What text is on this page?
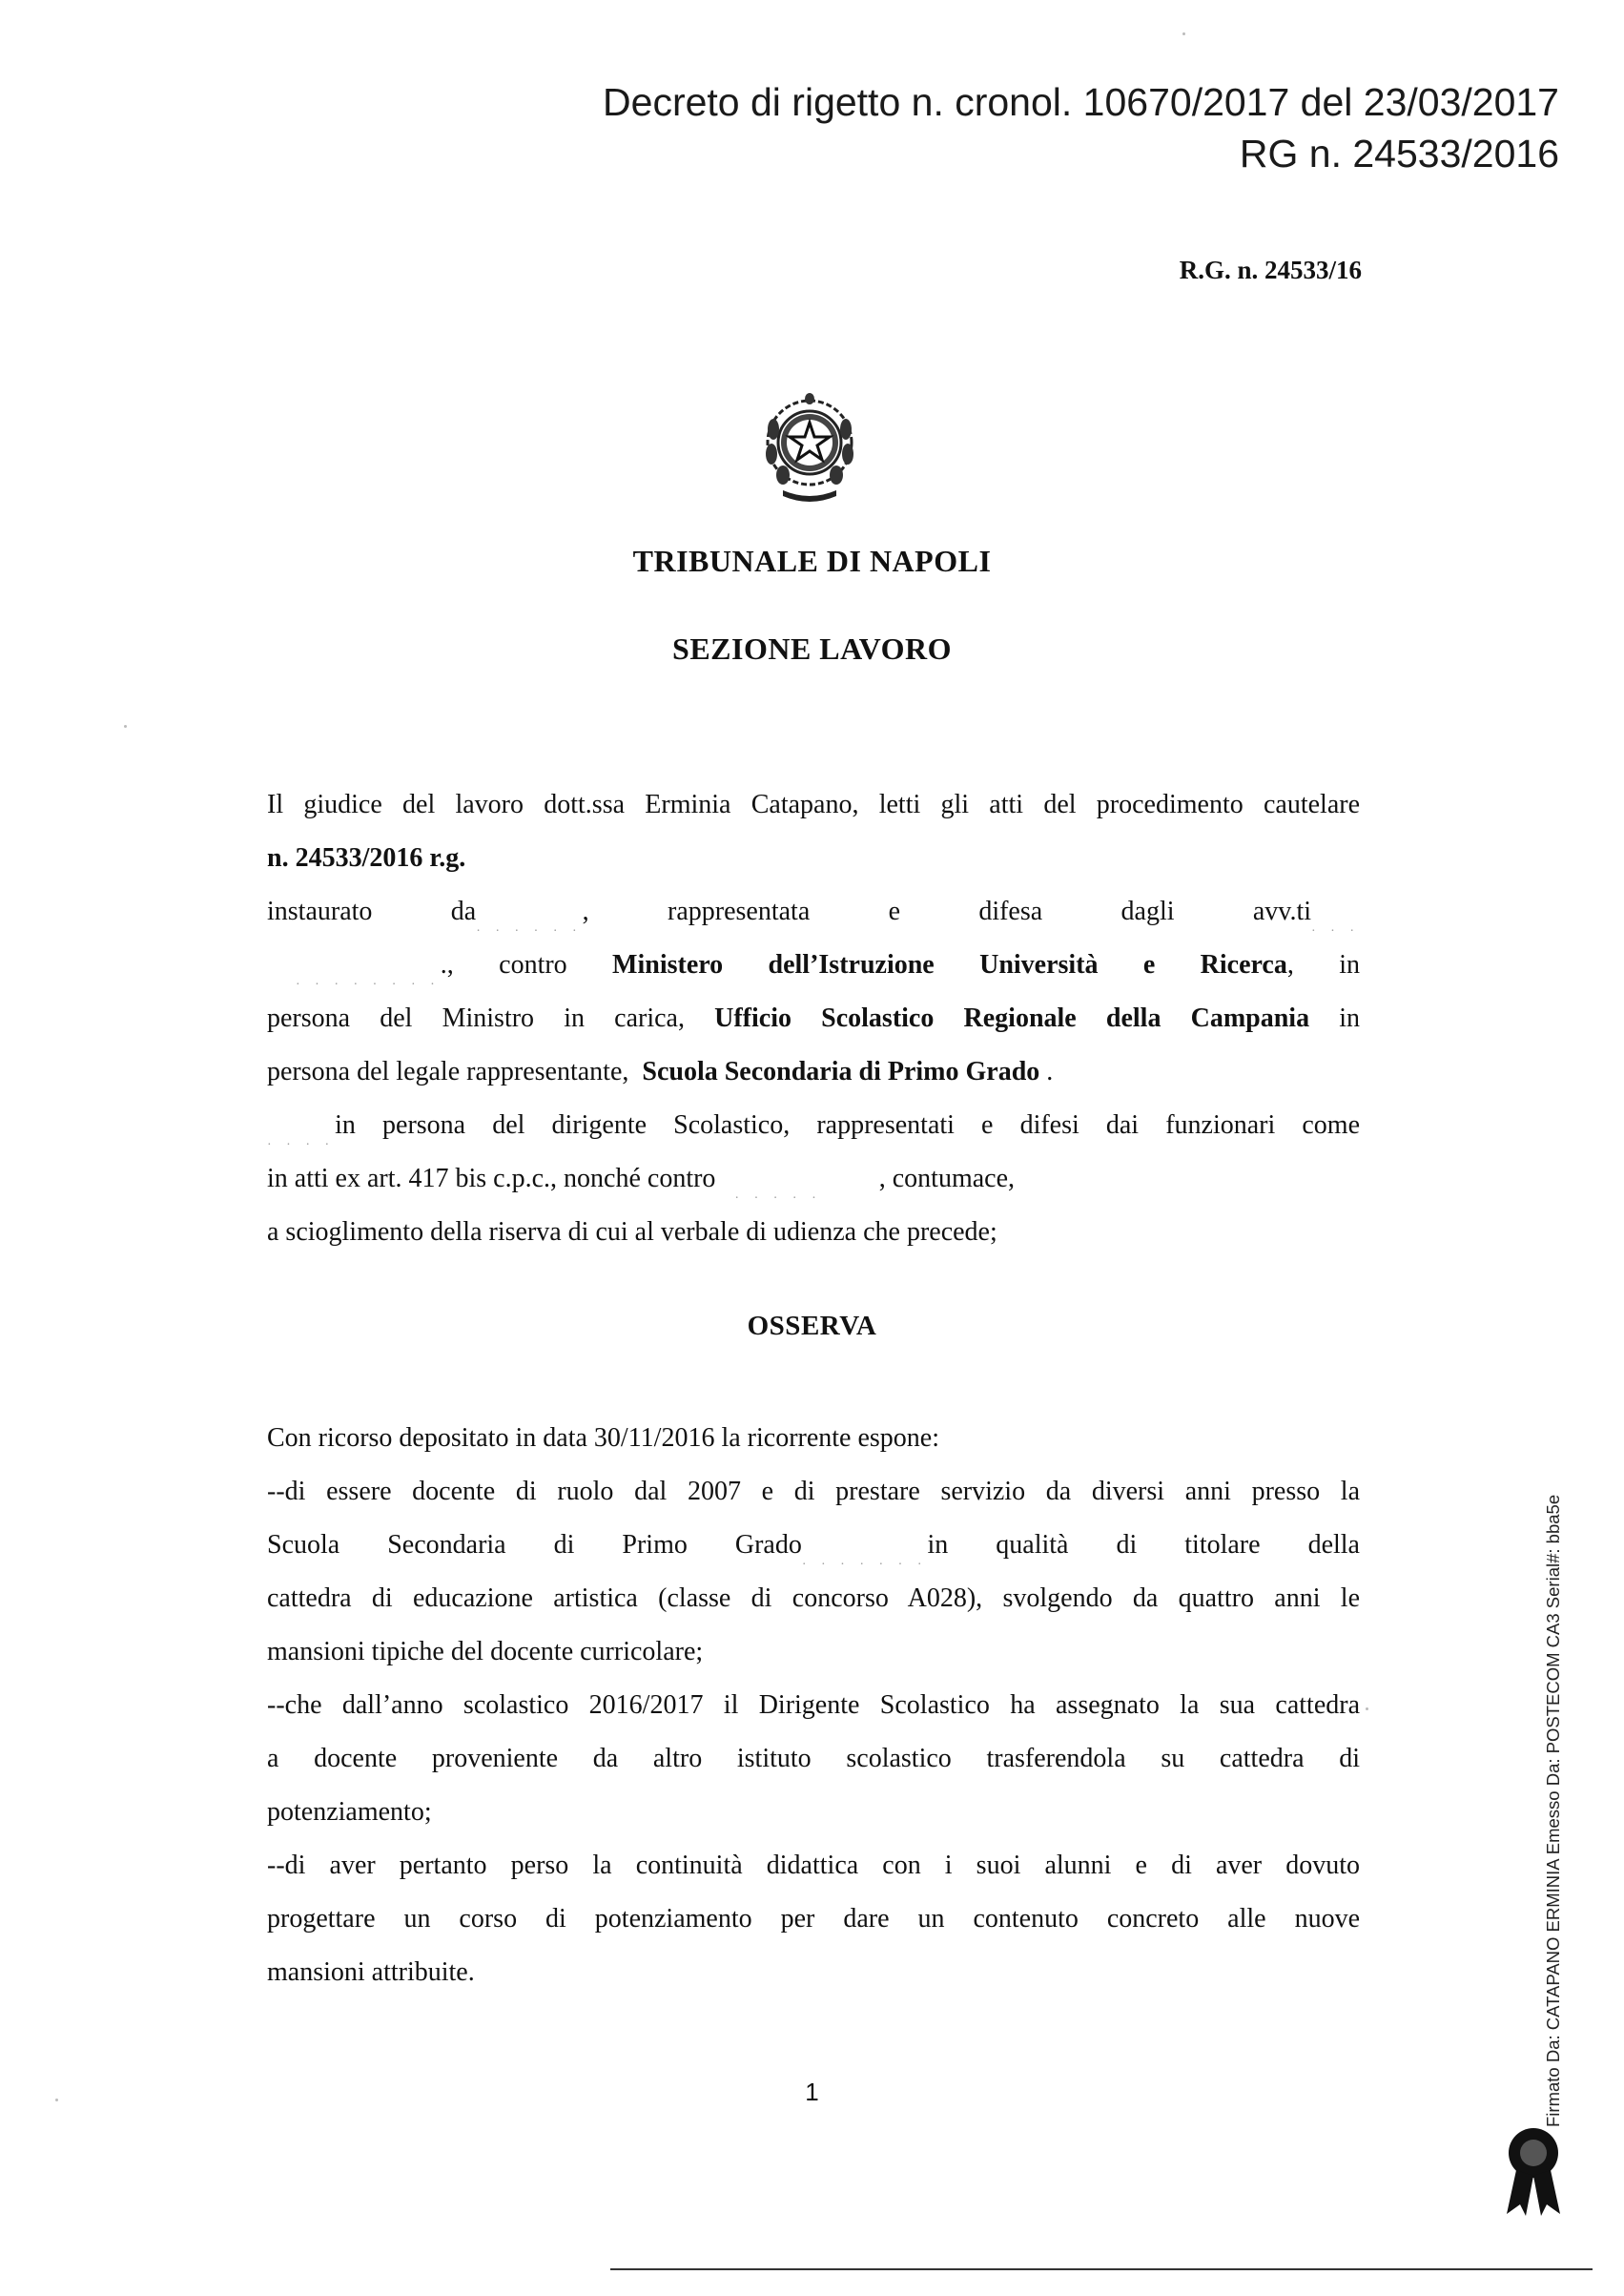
Decreto di rigetto n. cronol. 10670/2017 del 23/03/2017
RG n. 24533/2016
R.G. n. 24533/16
TRIBUNALE DI NAPOLI
SEZIONE LAVORO
Il giudice del lavoro dott.ssa Erminia Catapano, letti gli atti del procedimento cautelare
n. 24533/2016 r.g.
instaurato da· · · · · ·, rappresentata e difesa dagli avv.ti· · ·
· · · · · · · ·., contro Ministero dell’Istruzione Università e Ricerca, in
persona del Ministro in carica, Ufficio Scolastico Regionale della Campania in
persona del legale rappresentante, Scuola Secondaria di Primo Grado .
· · · ·in persona del dirigente Scolastico, rappresentati e difesi dai funzionari come
in atti ex art. 417 bis c.p.c., nonché contro· · · · ·, contumace,
a scioglimento della riserva di cui al verbale di udienza che precede;
OSSERVA
Con ricorso depositato in data 30/11/2016 la ricorrente espone:
--di essere docente di ruolo dal 2007 e di prestare servizio da diversi anni presso la
Scuola Secondaria di Primo Grado· · · · · · ·in qualità di titolare della
cattedra di educazione artistica (classe di concorso A028), svolgendo da quattro anni le
mansioni tipiche del docente curricolare;
--che dall’anno scolastico 2016/2017 il Dirigente Scolastico ha assegnato la sua cattedra
a docente proveniente da altro istituto scolastico trasferendola su cattedra di
potenziamento;
--di aver pertanto perso la continuità didattica con i suoi alunni e di aver dovuto
progettare un corso di potenziamento per dare un contenuto concreto alle nuove
mansioni attribuite.
1	Firmato Da: CATAPANO ERMINIA Emesso Da: POSTECOM CA3 Serial#: bba5e
